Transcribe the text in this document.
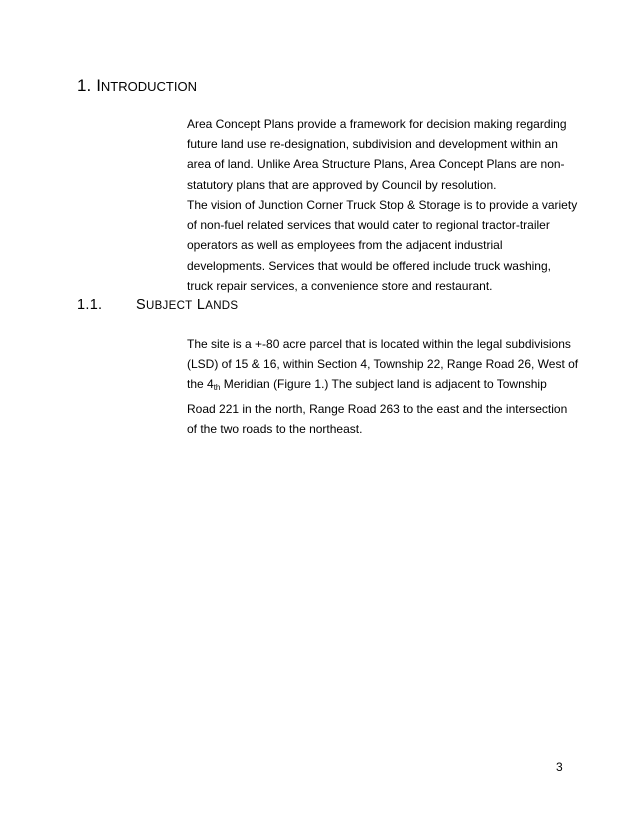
1. INTRODUCTION

Area Concept Plans provide a framework for decision making regarding
future land use re-designation, subdivision and development within an
area of land. Unlike Area Structure Plans, Area Concept Plans are non-
statutory plans that are approved by Council by resolution.

The vision of Junction Corner Truck Stop & Storage is to provide a variety
of non-fuel related services that would cater to regional tractor-trailer
operators as well as employees from the adjacent industrial
developments. Services that would be offered include truck washing,
truck repair services, a convenience store and restaurant.

1.1. SUBJECT LANDS

The site is a +-80 acre parcel that is located within the legal subdivisions
(LSD) of 15 & 16, within Section 4, Township 22, Range Road 26, West of
the $4_{th}$ Meridian (Figure 1.) The subject land is adjacent to Township
Road 221 in the north, Range Road 263 to the east and the intersection
of the two roads to the northeast.

3
